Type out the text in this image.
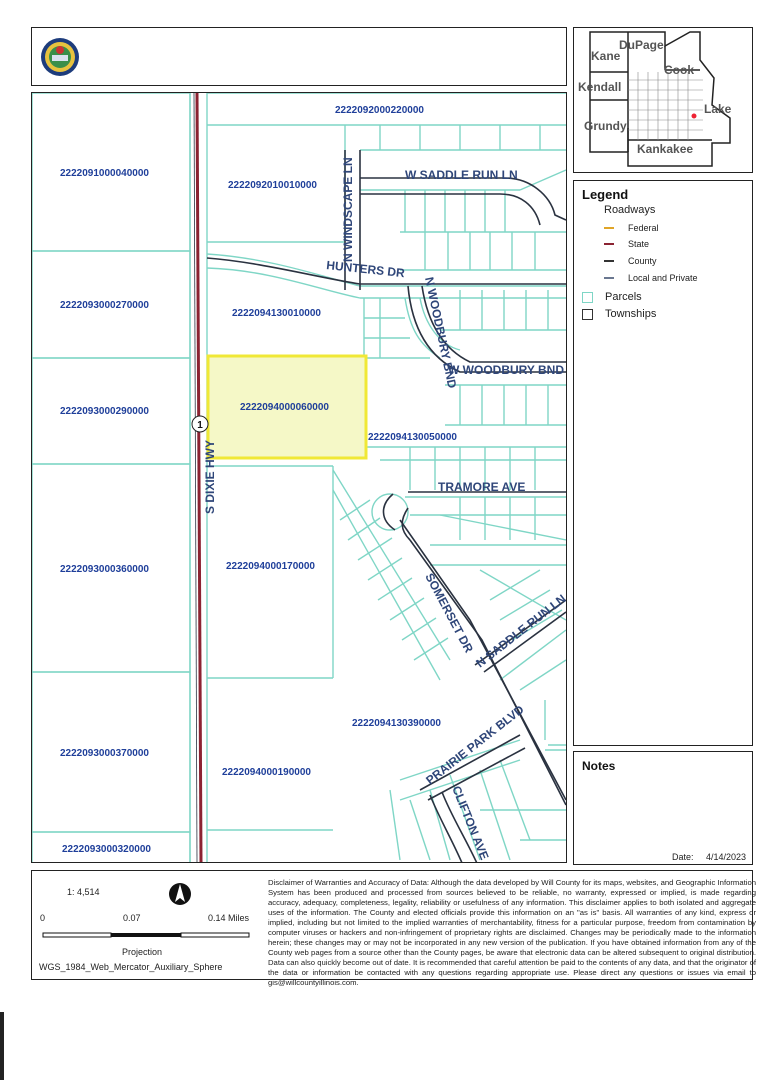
Kane
DuPage
Cook
Kendall
Lake
Grundy
Kankakee
1
2222092000220000
2222091000040000
2222092010010000
2222093000270000
2222094130010000
2222093000290000	2222094000060000
2222094130050000
2222093000360000	2222094000170000
2222093000370000
2222094000190000
2222094130390000
2222093000320000
W SADDLE RUN LN
N WINDSCAPE LN
HUNTERS DR
N WOODBURY BND
W WOODBURY BND
S DIXIE HWY	TRAMORE AVE
SOMERSET DR
N SADDLE RUN LN
PRAIRIE PARK BLVD
CLIFTON AVE
Legend
Roadways
Federal
State
County
Local and Private
Parcels
Townships
Notes
Date: 4/14/2023
1: 4,514
0	0.07	0.14 Miles
Projection
WGS_1984_Web_Mercator_Auxiliary_Sphere
Disclaimer of Warranties and Accuracy of Data: Although the data developed by Will County for its maps, websites, and Geographic Information System has been produced and processed from sources believed to be reliable, no warranty, expressed or implied, is made regarding accuracy, adequacy, completeness, legality, reliability or usefulness of any information. This disclaimer applies to both isolated and aggregate uses of the information. The County and elected officials provide this information on an "as is" basis. All warranties of any kind, express or implied, including but not limited to the implied warranties of merchantability, fitness for a particular purpose, freedom from contamination by computer viruses or hackers and non-infringement of proprietary rights are disclaimed. Changes may be periodically made to the information herein; these changes may or may not be incorporated in any new version of the publication. If you have obtained information from any of the County web pages from a source other than the County pages, be aware that electronic data can be altered subsequent to original distribution. Data can also quickly become out of date. It is recommended that careful attention be paid to the contents of any data, and that the originator of the data or information be contacted with any questions regarding appropriate use. Please direct any questions or issues via email to gis@willcountyillinois.com.
